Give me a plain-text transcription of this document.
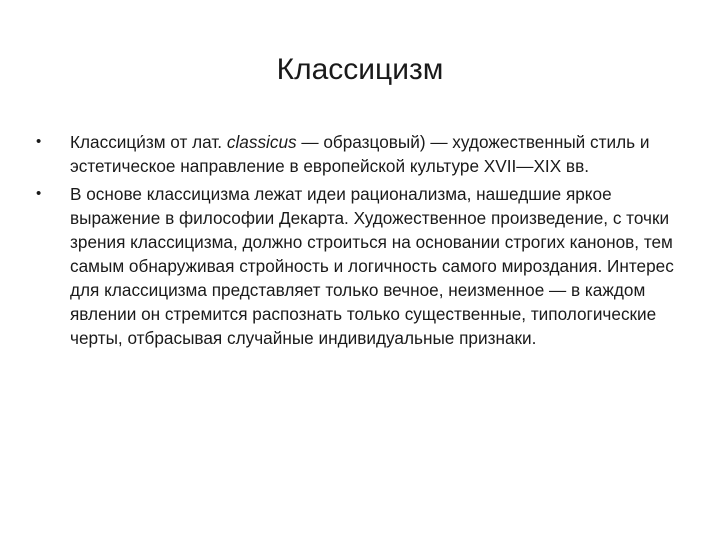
Классицизм
•	Классици́зм от лат. classicus — образцовый) — художественный стиль и эстетическое направление в европейской культуре XVII—XIX вв.
•	В основе классицизма лежат идеи рационализма, нашедшие яркое выражение в философии Декарта. Художественное произведение, с точки зрения классицизма, должно строиться на основании строгих канонов, тем самым обнаруживая стройность и логичность самого мироздания. Интерес для классицизма представляет только вечное, неизменное — в каждом явлении он стремится распознать только существенные, типологические черты, отбрасывая случайные индивидуальные признаки.
